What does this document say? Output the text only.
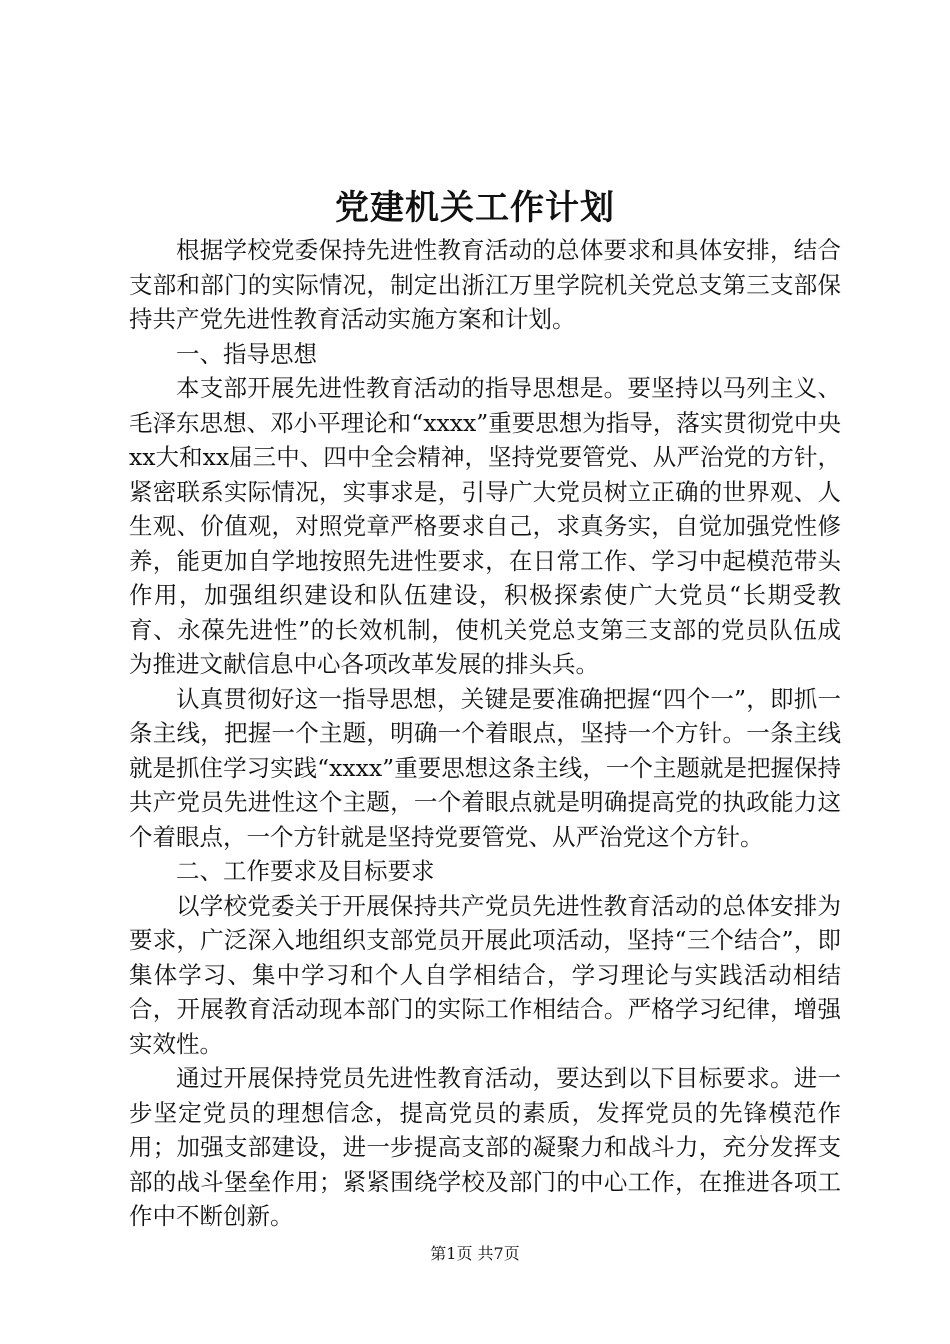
党建机关工作计划

根据学校党委保持先进性教育活动的总体要求和具体安排，结合支部和部门的实际情况，制定出浙江万里学院机关党总支第三支部保持共产党先进性教育活动实施方案和计划。

一、指导思想

本支部开展先进性教育活动的指导思想是。要坚持以马列主义、毛泽东思想、邓小平理论和“xxxx”重要思想为指导，落实贯彻党中央xx大和xx届三中、四中全会精神，坚持党要管党、从严治党的方针，紧密联系实际情况，实事求是，引导广大党员树立正确的世界观、人生观、价值观，对照党章严格要求自己，求真务实，自觉加强党性修养，能更加自学地按照先进性要求，在日常工作、学习中起模范带头作用，加强组织建设和队伍建设，积极探索使广大党员“长期受教育、永葆先进性”的长效机制，使机关党总支第三支部的党员队伍成为推进文献信息中心各项改革发展的排头兵。

认真贯彻好这一指导思想，关键是要准确把握“四个一”，即抓一条主线，把握一个主题，明确一个着眼点，坚持一个方针。一条主线就是抓住学习实践“xxxx”重要思想这条主线，一个主题就是把握保持共产党员先进性这个主题，一个着眼点就是明确提高党的执政能力这个着眼点，一个方针就是坚持党要管党、从严治党这个方针。

二、工作要求及目标要求

以学校党委关于开展保持共产党员先进性教育活动的总体安排为要求，广泛深入地组织支部党员开展此项活动，坚持“三个结合”，即集体学习、集中学习和个人自学相结合，学习理论与实践活动相结合，开展教育活动现本部门的实际工作相结合。严格学习纪律，增强实效性。

通过开展保持党员先进性教育活动，要达到以下目标要求。进一步坚定党员的理想信念，提高党员的素质，发挥党员的先锋模范作用；加强支部建设，进一步提高支部的凝聚力和战斗力，充分发挥支部的战斗堡垒作用；紧紧围绕学校及部门的中心工作，在推进各项工作中不断创新。

第1页 共7页
